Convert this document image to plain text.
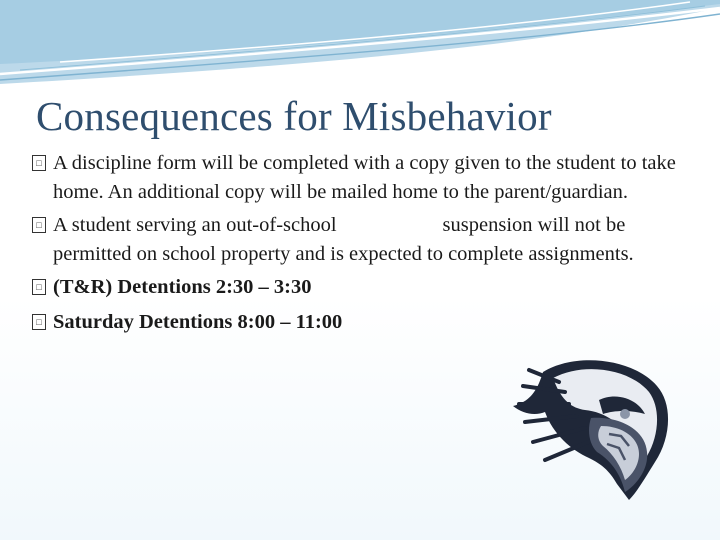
Consequences for Misbehavior
□ A discipline form will be completed with a copy given to the student to take home. An additional copy will be mailed home to the parent/guardian.
□ A student serving an out-of-school	suspension will not be permitted on school property and is expected to complete assignments.
□ (T&R) Detentions 2:30 – 3:30
□ Saturday Detentions 8:00 – 11:00
